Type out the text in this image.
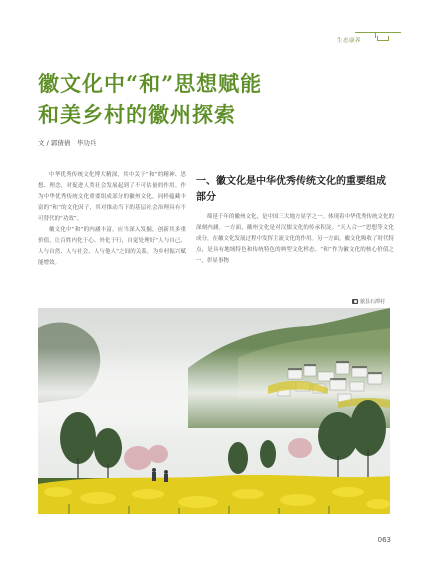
生态康养
徽文化中“和”思想赋能
和美乡村的徽州探索
文 / 郭倩倩　毕功兵

中华优秀传统文化博大精深，其中关于“和”的精神、思想、理念，对促进人类社会发展起到了不可估量的作用。作为中华优秀传统文化重要组成部分的徽州文化，同样蕴藏丰富的“和”的文化因子，其对推动当下的基层社会治理具有不可替代的“功效”。

徽文化中“和”的内涵丰富，应当深入发掘，创新其多重价值，让百姓内化于心、外化于行，自觉处理好“人与自己、人与自然、人与社会、人与他人”之间的关系，为乡村振兴赋能增效。

一、徽文化是中华优秀传统文化的重要组成部分

绵延千年的徽州文化，是中国三大地方显学之一。体现着中华优秀传统文化的深刻内涵。一方面，徽州文化是对汉儒文化的传承积淀。“天人合一”思想等文化成分，在徽文化发展过程中发挥主流文化的作用。另一方面，徽文化吸收了时代特点，是具有地域特色和传统特色的典型文化样态。“和”作为徽文化的核心价值之一，彰显事物

歙县石潭村
063
